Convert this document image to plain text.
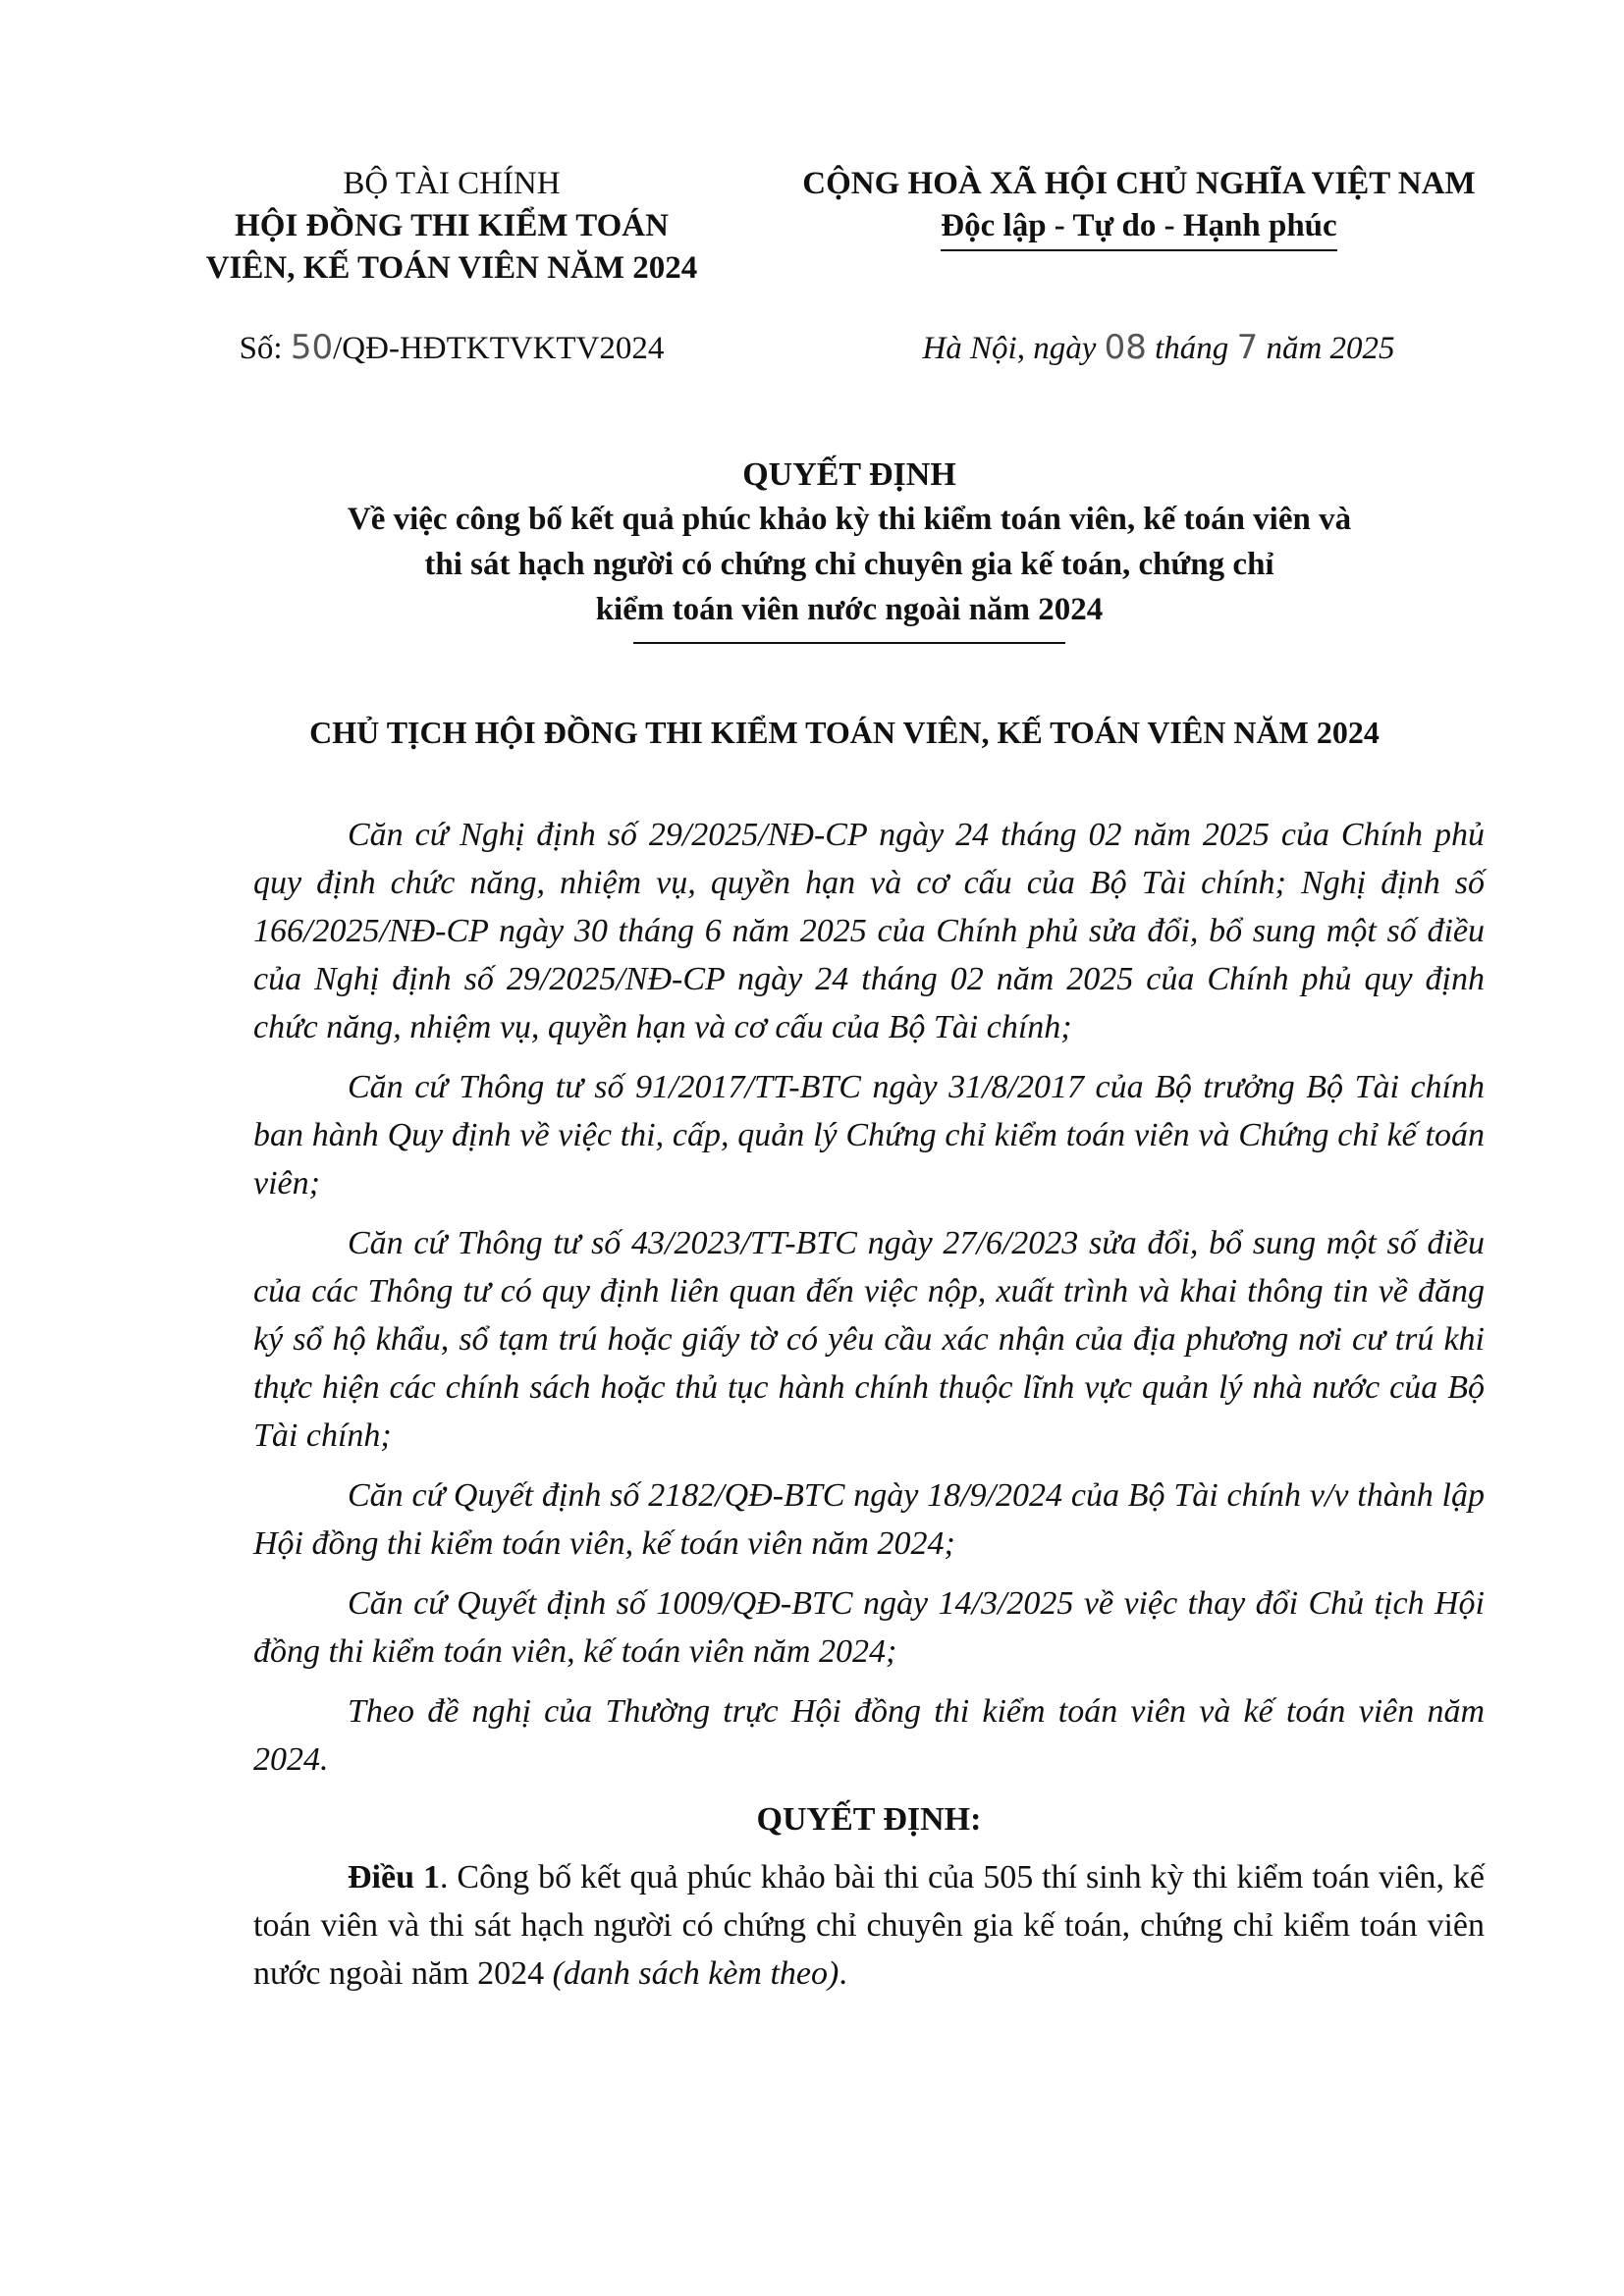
BỘ TÀI CHÍNH
HỘI ĐỒNG THI KIỂM TOÁN
VIÊN, KẾ TOÁN VIÊN NĂM 2024
CỘNG HOÀ XÃ HỘI CHỦ NGHĨA VIỆT NAM
Độc lập - Tự do - Hạnh phúc
Số: 50/QĐ-HĐTKTVKTV2024	Hà Nội, ngày 08 tháng 7 năm 2025
QUYẾT ĐỊNH
Về việc công bố kết quả phúc khảo kỳ thi kiểm toán viên, kế toán viên và
thi sát hạch người có chứng chỉ chuyên gia kế toán, chứng chỉ
kiểm toán viên nước ngoài năm 2024
CHỦ TỊCH HỘI ĐỒNG THI KIỂM TOÁN VIÊN, KẾ TOÁN VIÊN NĂM 2024

Căn cứ Nghị định số 29/2025/NĐ-CP ngày 24 tháng 02 năm 2025 của Chính phủ quy định chức năng, nhiệm vụ, quyền hạn và cơ cấu của Bộ Tài chính; Nghị định số 166/2025/NĐ-CP ngày 30 tháng 6 năm 2025 của Chính phủ sửa đổi, bổ sung một số điều của Nghị định số 29/2025/NĐ-CP ngày 24 tháng 02 năm 2025 của Chính phủ quy định chức năng, nhiệm vụ, quyền hạn và cơ cấu của Bộ Tài chính;

Căn cứ Thông tư số 91/2017/TT-BTC ngày 31/8/2017 của Bộ trưởng Bộ Tài chính ban hành Quy định về việc thi, cấp, quản lý Chứng chỉ kiểm toán viên và Chứng chỉ kế toán viên;

Căn cứ Thông tư số 43/2023/TT-BTC ngày 27/6/2023 sửa đổi, bổ sung một số điều của các Thông tư có quy định liên quan đến việc nộp, xuất trình và khai thông tin về đăng ký sổ hộ khẩu, sổ tạm trú hoặc giấy tờ có yêu cầu xác nhận của địa phương nơi cư trú khi thực hiện các chính sách hoặc thủ tục hành chính thuộc lĩnh vực quản lý nhà nước của Bộ Tài chính;

Căn cứ Quyết định số 2182/QĐ-BTC ngày 18/9/2024 của Bộ Tài chính v/v thành lập Hội đồng thi kiểm toán viên, kế toán viên năm 2024;

Căn cứ Quyết định số 1009/QĐ-BTC ngày 14/3/2025 về việc thay đổi Chủ tịch Hội đồng thi kiểm toán viên, kế toán viên năm 2024;

Theo đề nghị của Thường trực Hội đồng thi kiểm toán viên và kế toán viên năm 2024.

QUYẾT ĐỊNH:

Điều 1. Công bố kết quả phúc khảo bài thi của 505 thí sinh kỳ thi kiểm toán viên, kế toán viên và thi sát hạch người có chứng chỉ chuyên gia kế toán, chứng chỉ kiểm toán viên nước ngoài năm 2024 (danh sách kèm theo).
